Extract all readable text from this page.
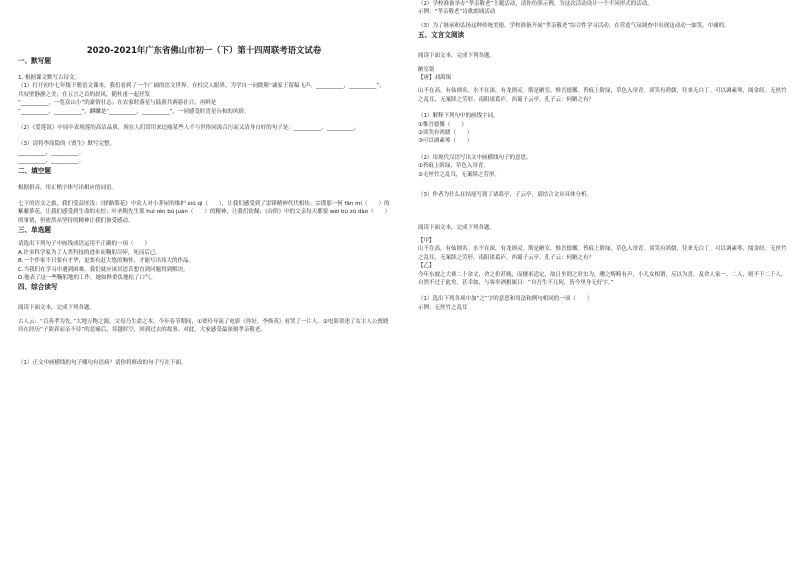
2020-2021年广东省佛山市初一（下）第十四周联考语文试卷
一、默写题
1. 根据课文默写古诗文。
（1）打开初中七年级下册语文课本，我们看到了一个广阔的语文世界。在杜浣人眼界，为学自一同耽哳“诚家王留稿飞声。__________，__________”，共叹壁静静之美；在五言之首的晨风，随杜甫一起抒发
“__________，一览众山小”的豪情壮志；在农家时落星与陆游共赛游社日，再鲜是
“__________，__________”，麒麟是“__________，__________”，一同感受时喜星台和的风俗。
（2）《爱莲说》中周中表现莲的高洁品质，现在人们常用来比喻某些人不与世俗同流合污而又清身自好的句子是：__________，__________。
（3）请将李商隐的《贾生》默写完整。
__________，__________。
__________，__________。
二、填空题
根据拼音，用正楷字体写出相应的词语。
七下的语文之旅，我们受益匪浅：《驿路梨花》中众人对小茅屋的维护 xiū qì（　　），让我们感受到了雷锋精神代代相传；宗璞那一何 fān mí（　　）的紫藤萝花，让我们感受到生命的永恒；叶圣陶先生那 huì rén bù juàn（　　）的精神，让我们钦佩；《台阶》中的父亲每天都要 wèi bù zú dào（　　）的事情，但依然从坚持的精神让我们备受感动。
三、单选题
请选出下列句子中画线成语运用不正确的一项（　　）
A.许多科学家为了人类科技的进步而鞠躬尽瘁，死而后已。
B.一个作家不只要有才华，更要有赶大悠的胸怀，才能写出伟大的作品。
C.当我们在学习中遇到困难，我们就应该冥思苦想直到问题得到解决。
D.他表了这一些鞠躬地的工作，她如释重负地松了口气。
四、综合读写
阅读下面文本，完成下列各题。
古人云：“百善孝为先。”大地万物之源，父母乃生命之本。今年春节期间，①贾玲导演了电影《你好，李焕英》看哭了一片人。②电影讲述了女主人公贾晓玲在经历“子欲养而亲不待”的悲痛后，穿越时空，回到过去的故事。对此，大家感受最深刻孝亲敬老。
（1）正文中画横线的句子哪句有语病？请你将修改的句子写在下面。
（2）学校准备举办“孝亲敬老”主题活动，请你仿照示例，为这次活动设计一个不同形式的活动。
示例：“孝亲敬老”诗歌朗诵活动
（3）为了继承和弘扬这种传统美德，学校准备开展“孝亲敬老”综合性学习活动。在营造气氛调查中出现这动动一如笑，中庸的。
五、文言文阅读
阅读下面文本，完成下列各题。
陋室铭
【唐】刘禹锡
山不在高，有仙则名。水不在深，有龙则灵。斯是陋室，惟吾德馨。苔痕上阶绿，草色入帘青。谈笑有鸿儒，往来无白丁。可以调素琴，阅金经。无丝竹之乱耳，无案牍之劳形。南阳诸葛庐，西蜀子云亭。孔子云：何陋之有？
（1）解释下列句中的画线字词。
①惟吾德馨（　　）
②谈笑有鸿儒（　　）
③可以调素琴（　　）
（2）用现代汉语写出文中画横线句子的意思。
①苔痕上阶绿，草色入帘青。
②无丝竹之乱耳，无案牍之劳形。
（3）作者为什么在结尾写到了诸葛亭、子云亭，请结合文章具体分析。
阅读下面文本，完成下列各题。
【甲】
山不在高，有仙则名。水不在深，有龙则灵。斯是陋室，惟吾德馨。苔痕上阶绿，草色入帘青。谈笑有鸿儒，往来无白丁。可以调素琴，阅金经。无丝竹之乱耳，无案牍之劳形。南阳诸葛庐，西蜀子云亭。孔子云：何陋之有？
【乙】
今年东坡之大赛二十余丈，舍之价甚贱，而楼米适定，故日坐谓之时虫为，曙之畴畴有声，小儿女相谓，反以为喜。及舍人家一、二人，则不下二千人，自然不过于此矣。甚幸如，与客举酒相属日：“自吾生不几何，皆今里身无好字。”
（1）选出下列各项中加“之”字的意思和用法和例句相同的一项（　　）
示例：无丝竹之乱耳
